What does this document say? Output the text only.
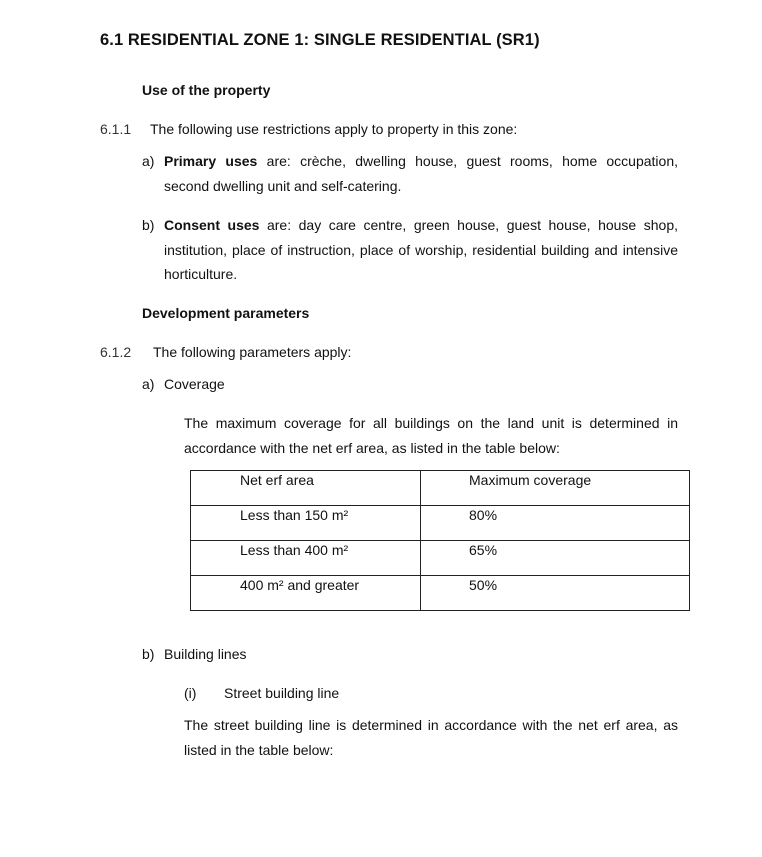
6.1 RESIDENTIAL ZONE 1: SINGLE RESIDENTIAL (SR1)
Use of the property
6.1.1 The following use restrictions apply to property in this zone:
a) Primary uses are: crèche, dwelling house, guest rooms, home occupation,
second dwelling unit and self-catering.
b) Consent uses are: day care centre, green house, guest house, house shop,
institution, place of instruction, place of worship, residential building and intensive
horticulture.
Development parameters
6.1.2 The following parameters apply:
a) Coverage
The maximum coverage for all buildings on the land unit is determined in
accordance with the net erf area, as listed in the table below:
Net erf area	Maximum coverage

Less than 150 m²	80%

Less than 400 m²	65%

400 m² and greater	50%
b) Building lines
(i) Street building line
The street building line is determined in accordance with the net erf area, as
listed in the table below:
